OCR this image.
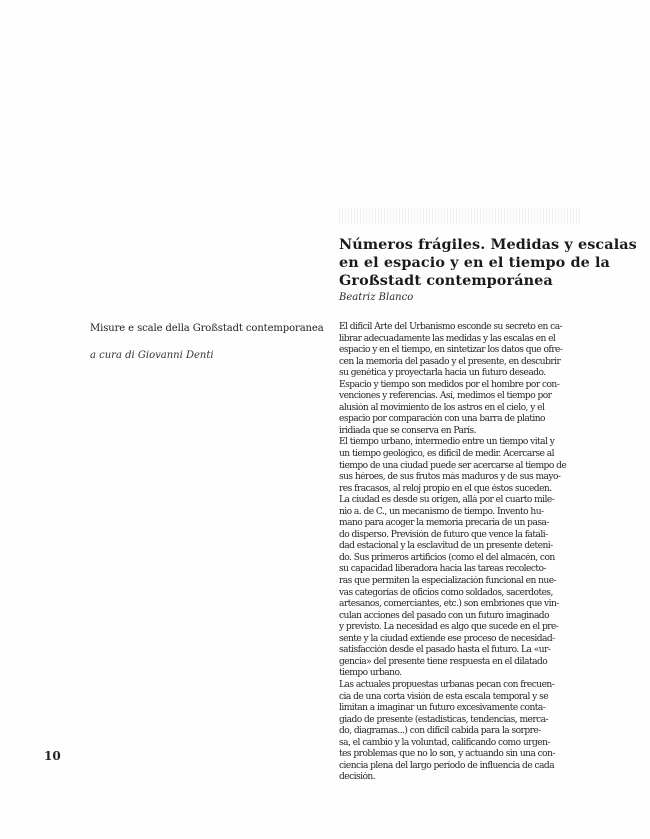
Números frágiles. Medidas y escalas
en el espacio y en el tiempo de la
Großstadt contemporánea
Beatriz Blanco
Misure e scale della Großstadt contemporanea
a cura di Giovanni Denti
El difícil Arte del Urbanismo esconde su secreto en ca-
librar adecuadamente las medidas y las escalas en el
espacio y en el tiempo, en sintetizar los datos que ofre-
cen la memoria del pasado y el presente, en descubrir
su genética y proyectarla hacia un futuro deseado.
Espacio y tiempo son medidos por el hombre por con-
venciones y referencias. Así, medimos el tiempo por
alusión al movimiento de los astros en el cielo, y el
espacio por comparación con una barra de platino
iridiada que se conserva en París.
El tiempo urbano, intermedio entre un tiempo vital y
un tiempo geológico, es difícil de medir. Acercarse al
tiempo de una ciudad puede ser acercarse al tiempo de
sus héroes, de sus frutos más maduros y de sus mayo-
res fracasos, al reloj propio en el que éstos suceden.
La ciudad es desde su origen, allá por el cuarto mile-
nio a. de C., un mecanismo de tiempo. Invento hu-
mano para acoger la memoria precaria de un pasa-
do disperso. Previsión de futuro que vence la fatali-
dad estacional y la esclavitud de un presente deteni-
do. Sus primeros artificios (como el del almacén, con
su capacidad liberadora hacia las tareas recolecto-
ras que permiten la especialización funcional en nue-
vas categorías de oficios como soldados, sacerdotes,
artesanos, comerciantes, etc.) son embriones que vin-
culan acciones del pasado con un futuro imaginado
y previsto. La necesidad es algo que sucede en el pre-
sente y la ciudad extiende ese proceso de necesidad-
satisfacción desde el pasado hasta el futuro. La «ur-
gencia» del presente tiene respuesta en el dilatado
tiempo urbano.
Las actuales propuestas urbanas pecan con frecuen-
cia de una corta visión de esta escala temporal y se
limitan a imaginar un futuro excesivamente conta-
giado de presente (estadísticas, tendencias, merca-
do, diagramas...) con difícil cabida para la sorpre-
sa, el cambio y la voluntad, calificando como urgen-
tes problemas que no lo son, y actuando sin una con-
ciencia plena del largo período de influencia de cada
decisión.
10
